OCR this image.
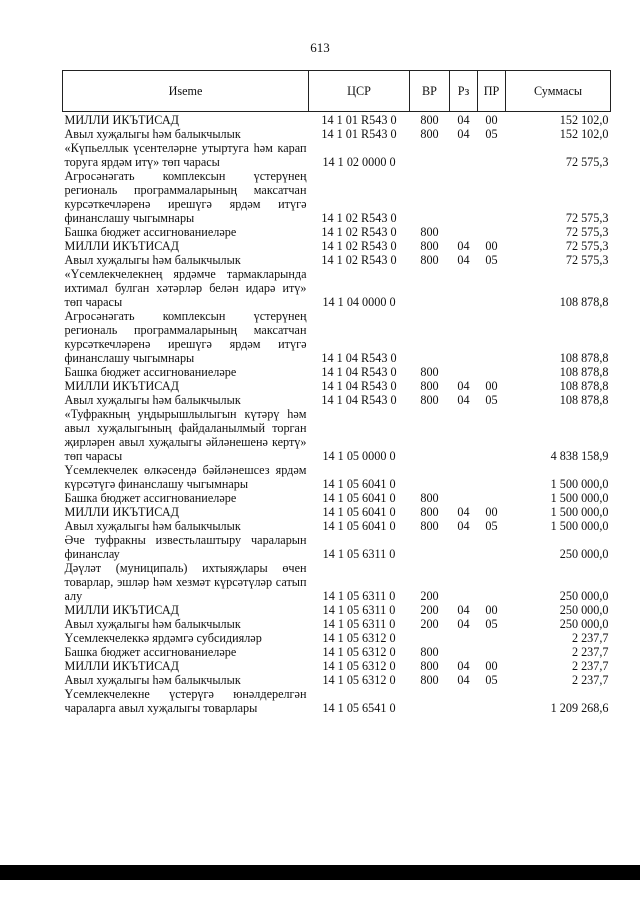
613
Иseme	ЦСР	ВР	Рз	ПР	Суммасы
МИЛЛИ ИКЪТИСАД	14 1 01 R543 0	800	04	00	152 102,0
Авыл хуҗалыгы һәм балыкчылык	14 1 01 R543 0	800	04	05	152 102,0
«Күпьеллык үсентеләрне утыртуга һәм карап торуга ярдәм итү» төп чарасы	14 1 02 0000 0				72 575,3
Агросәнәгать комплексын үстерүнең региональ программаларының максатчан курсәткечләренә ирешүгә ярдәм итүгә финанслашу чыгымнары	14 1 02 R543 0				72 575,3
Башка бюджет ассигнованиеләре	14 1 02 R543 0	800			72 575,3
МИЛЛИ ИКЪТИСАД	14 1 02 R543 0	800	04	00	72 575,3
Авыл хуҗалыгы һәм балыкчылык	14 1 02 R543 0	800	04	05	72 575,3
«Үсемлекчелекнең ярдәмче тармакларында ихтимал булган хәтәрләр белән идарә итү» төп чарасы	14 1 04 0000 0				108 878,8
Агросәнәгать комплексын үстерүнең региональ программаларының максатчан курсәткечләренә ирешүгә ярдәм итүгә финанслашу чыгымнары	14 1 04 R543 0				108 878,8
Башка бюджет ассигнованиеләре	14 1 04 R543 0	800			108 878,8
МИЛЛИ ИКЪТИСАД	14 1 04 R543 0	800	04	00	108 878,8
Авыл хуҗалыгы һәм балыкчылык	14 1 04 R543 0	800	04	05	108 878,8
«Туфракның уңдырышлылыгын күтәрү һәм авыл хуҗалыгының файдаланылмый торган җирләрен авыл хуҗалыгы әйләнешенә кертү» төп чарасы	14 1 05 0000 0				4 838 158,9
Үсемлекчелек өлкәсендә бәйләнешсез ярдәм күрсәтүгә финанслашу чыгымнары	14 1 05 6041 0				1 500 000,0
Башка бюджет ассигнованиеләре	14 1 05 6041 0	800			1 500 000,0
МИЛЛИ ИКЪТИСАД	14 1 05 6041 0	800	04	00	1 500 000,0
Авыл хуҗалыгы һәм балыкчылык	14 1 05 6041 0	800	04	05	1 500 000,0
Әче туфракны известьлаштыру чараларын финанслау	14 1 05 6311 0				250 000,0
Дәүләт (муниципаль) ихтыяҗлары өчен товарлар, эшләр һәм хезмәт күрсәтүләр сатып алу	14 1 05 6311 0	200			250 000,0
МИЛЛИ ИКЪТИСАД	14 1 05 6311 0	200	04	00	250 000,0
Авыл хуҗалыгы һәм балыкчылык	14 1 05 6311 0	200	04	05	250 000,0
Үсемлекчелеккә ярдәмгә субсидияләр	14 1 05 6312 0				2 237,7
Башка бюджет ассигнованиеләре	14 1 05 6312 0	800			2 237,7
МИЛЛИ ИКЪТИСАД	14 1 05 6312 0	800	04	00	2 237,7
Авыл хуҗалыгы һәм балыкчылык	14 1 05 6312 0	800	04	05	2 237,7
Үсемлекчелекне үстерүгә юнәлдерелгән чараларга авыл хуҗалыгы товарлары	14 1 05 6541 0				1 209 268,6
